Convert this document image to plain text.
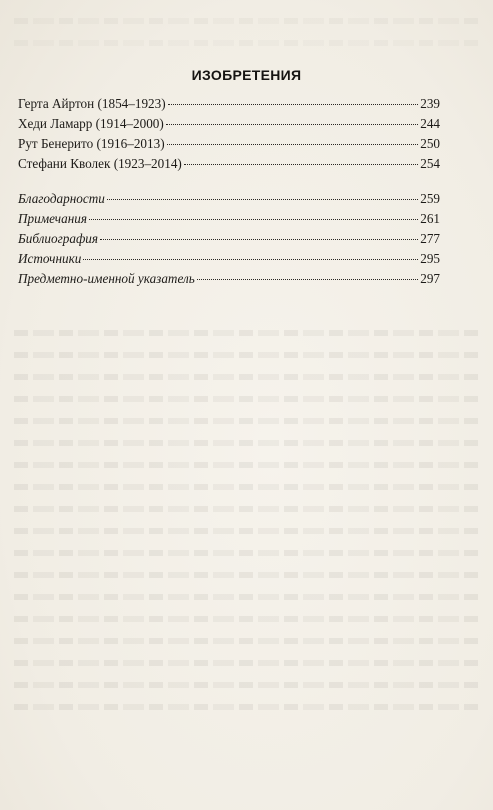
ИЗОБРЕТЕНИЯ
Герта Айртон (1854–1923)	239
Хеди Ламарр (1914–2000)	244
Рут Бенерито (1916–2013)	250
Стефани Кволек (1923–2014)	254
Благодарности	259
Примечания	261
Библиография	277
Источники	295
Предметно-именной указатель	297
